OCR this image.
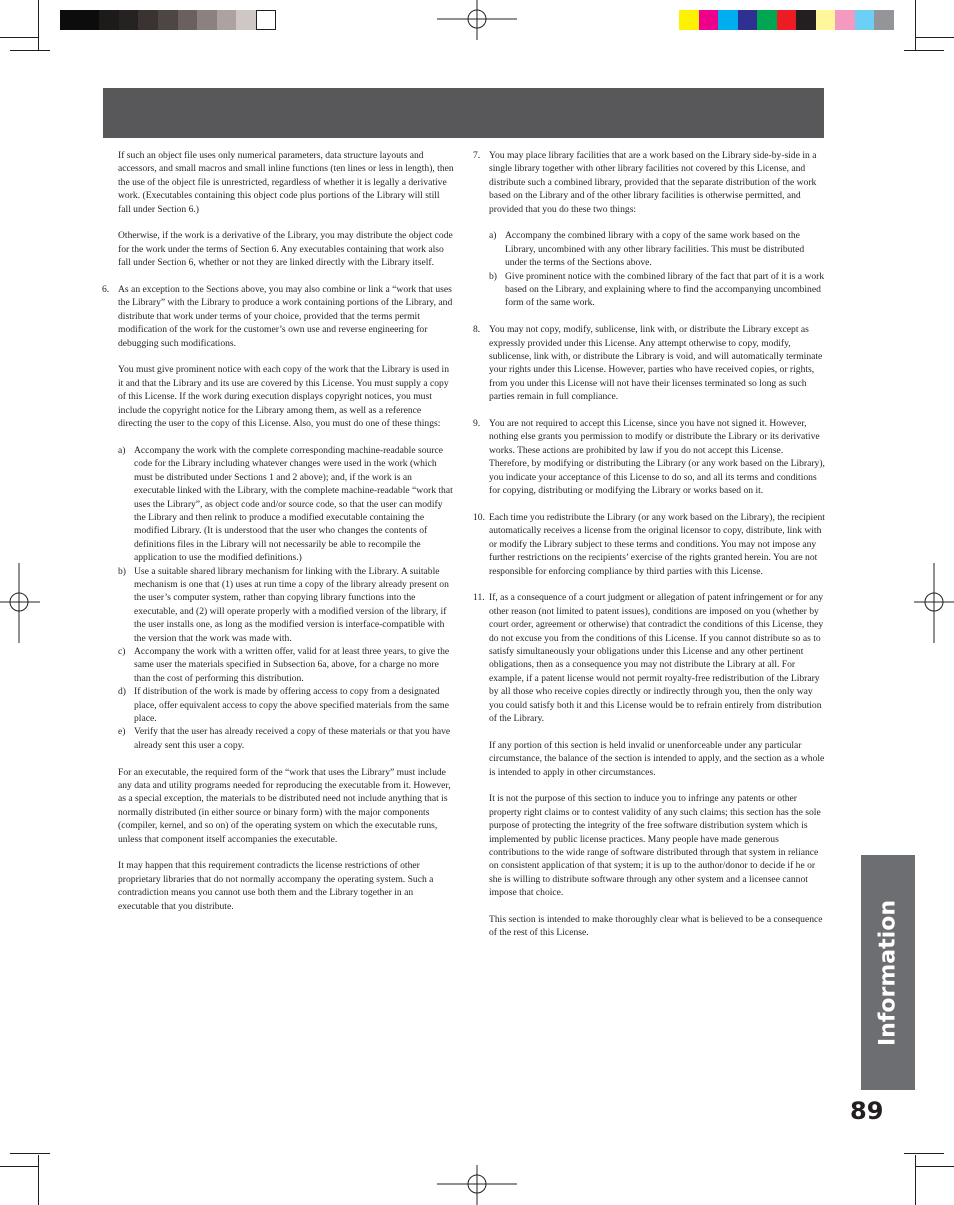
If such an object file uses only numerical parameters, data structure layouts and accessors, and small macros and small inline functions (ten lines or less in length), then the use of the object file is unrestricted, regardless of whether it is legally a derivative work. (Executables containing this object code plus portions of the Library will still fall under Section 6.)

Otherwise, if the work is a derivative of the Library, you may distribute the object code for the work under the terms of Section 6. Any executables containing that work also fall under Section 6, whether or not they are linked directly with the Library itself.

6. As an exception to the Sections above, you may also combine or link a “work that uses the Library” with the Library to produce a work containing portions of the Library, and distribute that work under terms of your choice, provided that the terms permit modification of the work for the customer’s own use and reverse engineering for debugging such modifications.

You must give prominent notice with each copy of the work that the Library is used in it and that the Library and its use are covered by this License. You must supply a copy of this License. If the work during execution displays copyright notices, you must include the copyright notice for the Library among them, as well as a reference directing the user to the copy of this License. Also, you must do one of these things:

a) Accompany the work with the complete corresponding machine-readable source code for the Library including whatever changes were used in the work (which must be distributed under Sections 1 and 2 above); and, if the work is an executable linked with the Library, with the complete machine-readable “work that uses the Library”, as object code and/or source code, so that the user can modify the Library and then relink to produce a modified executable containing the modified Library. (It is understood that the user who changes the contents of definitions files in the Library will not necessarily be able to recompile the application to use the modified definitions.)

b) Use a suitable shared library mechanism for linking with the Library. A suitable mechanism is one that (1) uses at run time a copy of the library already present on the user’s computer system, rather than copying library functions into the executable, and (2) will operate properly with a modified version of the library, if the user installs one, as long as the modified version is interface-compatible with the version that the work was made with.

c) Accompany the work with a written offer, valid for at least three years, to give the same user the materials specified in Subsection 6a, above, for a charge no more than the cost of performing this distribution.

d) If distribution of the work is made by offering access to copy from a designated place, offer equivalent access to copy the above specified materials from the same place.

e) Verify that the user has already received a copy of these materials or that you have already sent this user a copy.

For an executable, the required form of the “work that uses the Library” must include any data and utility programs needed for reproducing the executable from it. However, as a special exception, the materials to be distributed need not include anything that is normally distributed (in either source or binary form) with the major components (compiler, kernel, and so on) of the operating system on which the executable runs, unless that component itself accompanies the executable.

It may happen that this requirement contradicts the license restrictions of other proprietary libraries that do not normally accompany the operating system. Such a contradiction means you cannot use both them and the Library together in an executable that you distribute.

7. You may place library facilities that are a work based on the Library side-by-side in a single library together with other library facilities not covered by this License, and distribute such a combined library, provided that the separate distribution of the work based on the Library and of the other library facilities is otherwise permitted, and provided that you do these two things:

a) Accompany the combined library with a copy of the same work based on the Library, uncombined with any other library facilities. This must be distributed under the terms of the Sections above.

b) Give prominent notice with the combined library of the fact that part of it is a work based on the Library, and explaining where to find the accompanying uncombined form of the same work.

8. You may not copy, modify, sublicense, link with, or distribute the Library except as expressly provided under this License. Any attempt otherwise to copy, modify, sublicense, link with, or distribute the Library is void, and will automatically terminate your rights under this License. However, parties who have received copies, or rights, from you under this License will not have their licenses terminated so long as such parties remain in full compliance.

9. You are not required to accept this License, since you have not signed it. However, nothing else grants you permission to modify or distribute the Library or its derivative works. These actions are prohibited by law if you do not accept this License. Therefore, by modifying or distributing the Library (or any work based on the Library), you indicate your acceptance of this License to do so, and all its terms and conditions for copying, distributing or modifying the Library or works based on it.

10. Each time you redistribute the Library (or any work based on the Library), the recipient automatically receives a license from the original licensor to copy, distribute, link with or modify the Library subject to these terms and conditions. You may not impose any further restrictions on the recipients’ exercise of the rights granted herein. You are not responsible for enforcing compliance by third parties with this License.

11. If, as a consequence of a court judgment or allegation of patent infringement or for any other reason (not limited to patent issues), conditions are imposed on you (whether by court order, agreement or otherwise) that contradict the conditions of this License, they do not excuse you from the conditions of this License. If you cannot distribute so as to satisfy simultaneously your obligations under this License and any other pertinent obligations, then as a consequence you may not distribute the Library at all. For example, if a patent license would not permit royalty-free redistribution of the Library by all those who receive copies directly or indirectly through you, then the only way you could satisfy both it and this License would be to refrain entirely from distribution of the Library.

If any portion of this section is held invalid or unenforceable under any particular circumstance, the balance of the section is intended to apply, and the section as a whole is intended to apply in other circumstances.

It is not the purpose of this section to induce you to infringe any patents or other property right claims or to contest validity of any such claims; this section has the sole purpose of protecting the integrity of the free software distribution system which is implemented by public license practices. Many people have made generous contributions to the wide range of software distributed through that system in reliance on consistent application of that system; it is up to the author/donor to decide if he or she is willing to distribute software through any other system and a licensee cannot impose that choice.

This section is intended to make thoroughly clear what is believed to be a consequence of the rest of this License.	Information
89
